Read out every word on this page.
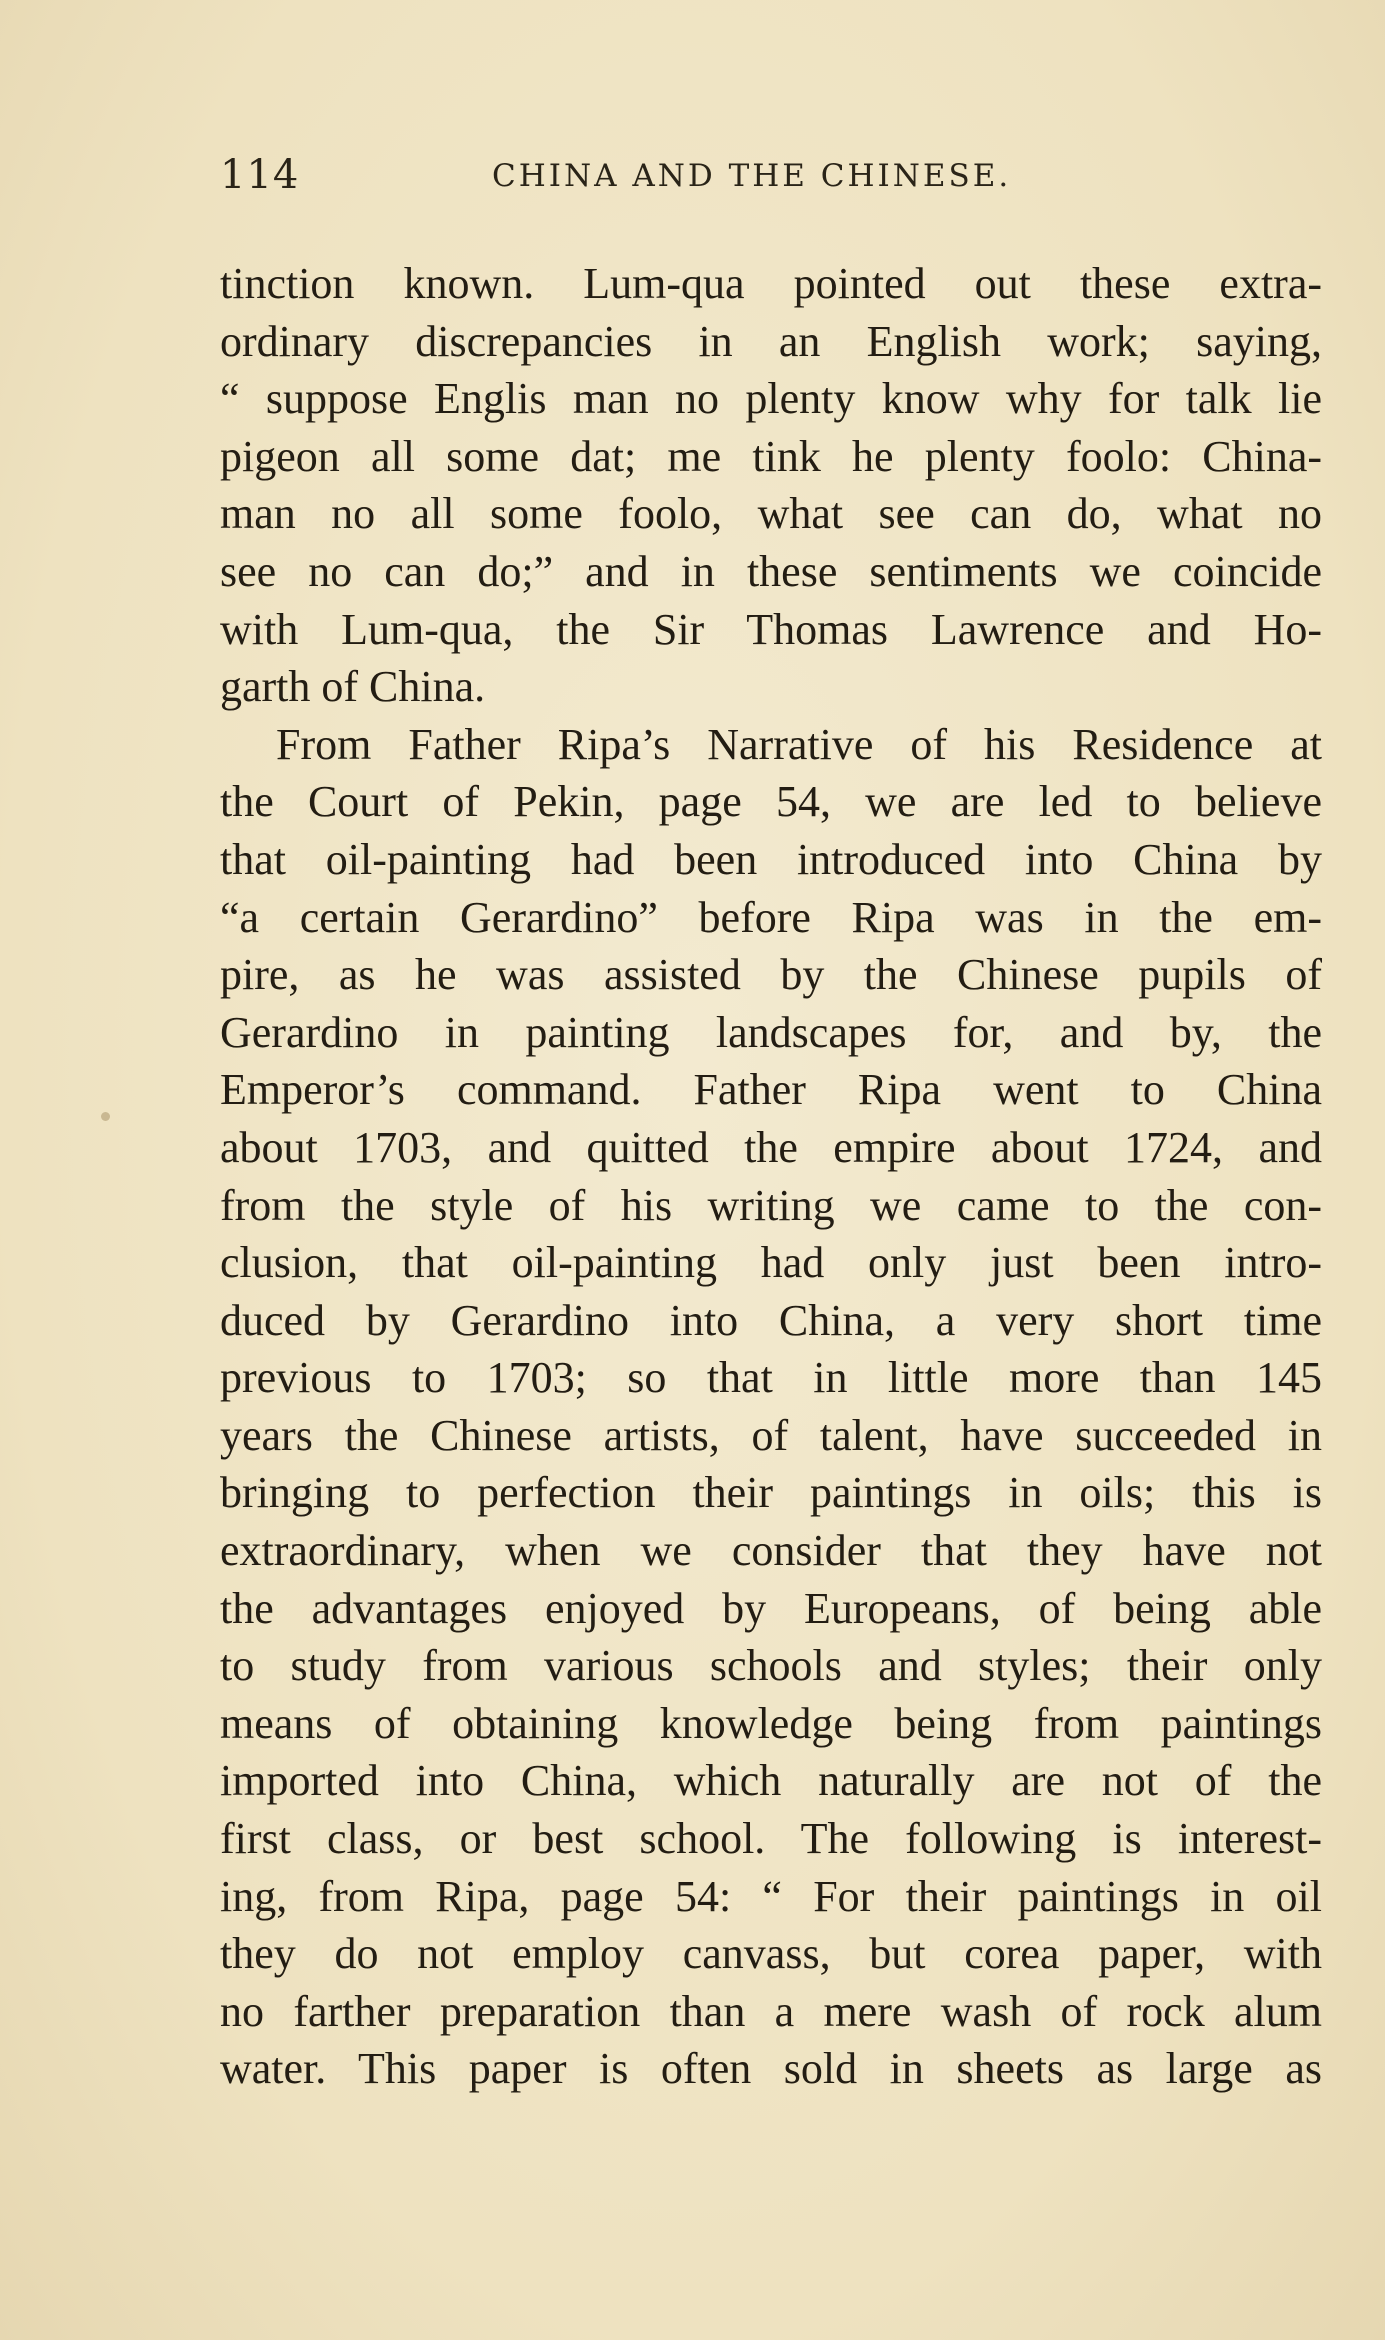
114	CHINA AND THE CHINESE.
tinction known. Lum-qua pointed out these extra-
ordinary discrepancies in an English work; saying,
“ suppose Englis man no plenty know why for talk lie
pigeon all some dat; me tink he plenty foolo: China-
man no all some foolo, what see can do, what no
see no can do;” and in these sentiments we coincide
with Lum-qua, the Sir Thomas Lawrence and Ho-
garth of China.
From Father Ripa’s Narrative of his Residence at
the Court of Pekin, page 54, we are led to believe
that oil-painting had been introduced into China by
“a certain Gerardino” before Ripa was in the em-
pire, as he was assisted by the Chinese pupils of
Gerardino in painting landscapes for, and by, the
Emperor’s command. Father Ripa went to China
about 1703, and quitted the empire about 1724, and
from the style of his writing we came to the con-
clusion, that oil-painting had only just been intro-
duced by Gerardino into China, a very short time
previous to 1703; so that in little more than 145
years the Chinese artists, of talent, have succeeded in
bringing to perfection their paintings in oils; this is
extraordinary, when we consider that they have not
the advantages enjoyed by Europeans, of being able
to study from various schools and styles; their only
means of obtaining knowledge being from paintings
imported into China, which naturally are not of the
first class, or best school. The following is interest-
ing, from Ripa, page 54: “ For their paintings in oil
they do not employ canvass, but corea paper, with
no farther preparation than a mere wash of rock alum
water. This paper is often sold in sheets as large as
